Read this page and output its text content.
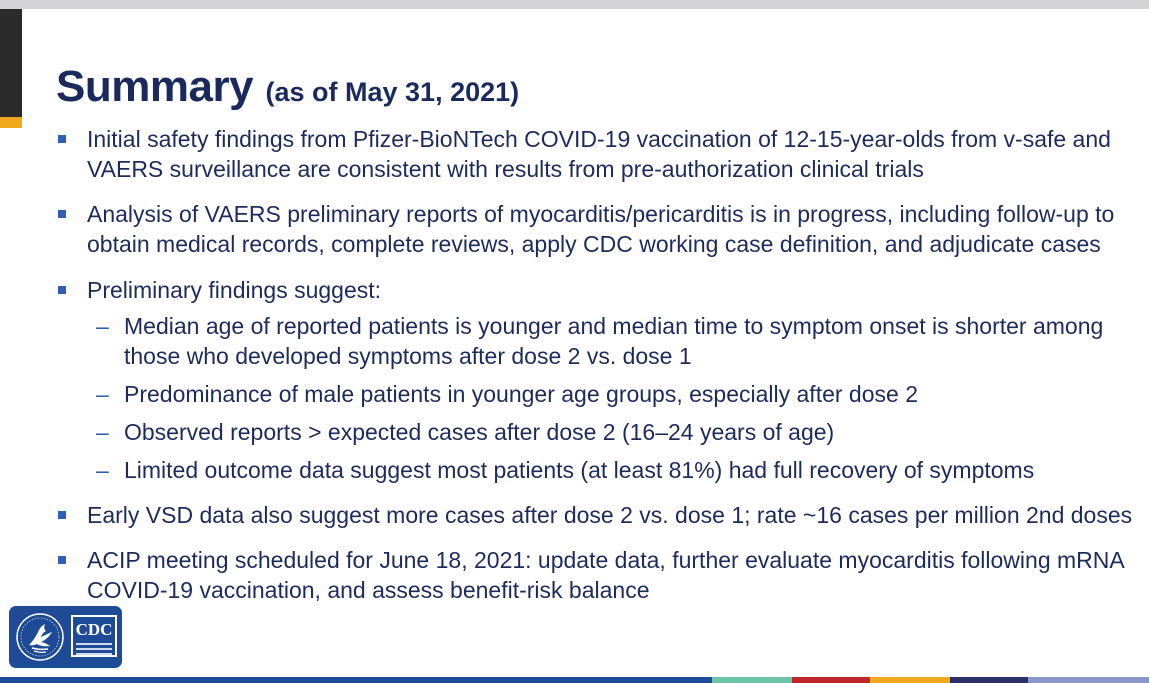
Summary (as of May 31, 2021)
Initial safety findings from Pfizer-BioNTech COVID-19 vaccination of 12-15-year-olds from v-safe and VAERS surveillance are consistent with results from pre-authorization clinical trials
Analysis of VAERS preliminary reports of myocarditis/pericarditis is in progress, including follow-up to obtain medical records, complete reviews, apply CDC working case definition, and adjudicate cases
Preliminary findings suggest:
– Median age of reported patients is younger and median time to symptom onset is shorter among those who developed symptoms after dose 2 vs. dose 1
– Predominance of male patients in younger age groups, especially after dose 2
– Observed reports > expected cases after dose 2 (16–24 years of age)
– Limited outcome data suggest most patients (at least 81%) had full recovery of symptoms
Early VSD data also suggest more cases after dose 2 vs. dose 1; rate ~16 cases per million 2nd doses
ACIP meeting scheduled for June 18, 2021: update data, further evaluate myocarditis following mRNA COVID-19 vaccination, and assess benefit-risk balance
CDC
